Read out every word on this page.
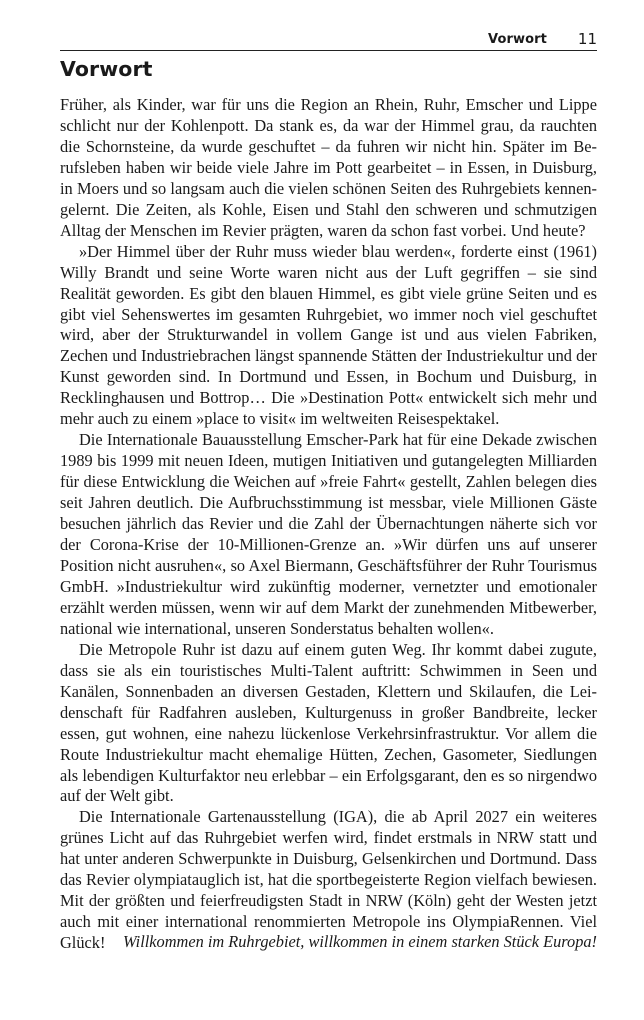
Vorwort 11
Vorwort

Früher, als Kinder, war für uns die Region an Rhein, Ruhr, Emscher und Lippe schlicht nur der Kohlenpott. Da stank es, da war der Himmel grau, da rauchten die Schornsteine, da wurde geschuftet – da fuhren wir nicht hin. Später im Berufsleben haben wir beide viele Jahre im Pott gearbeitet – in Essen, in Duisburg, in Moers und so langsam auch die vielen schönen Seiten des Ruhrgebiets kennengelernt. Die Zeiten, als Kohle, Eisen und Stahl den schweren und schmutzigen Alltag der Menschen im Revier prägten, waren da schon fast vorbei. Und heute?

»Der Himmel über der Ruhr muss wieder blau werden«, forderte einst (1961) Willy Brandt und seine Worte waren nicht aus der Luft gegriffen – sie sind Realität geworden. Es gibt den blauen Himmel, es gibt viele grüne Seiten und es gibt viel Sehenswertes im gesamten Ruhrgebiet, wo immer noch viel geschuftet wird, aber der Strukturwandel in vollem Gange ist und aus vielen Fabriken, Zechen und Industriebrachen längst spannende Stätten der Industriekultur und der Kunst geworden sind. In Dortmund und Essen, in Bochum und Duisburg, in Recklinghausen und Bottrop… Die »Destination Pott« entwickelt sich mehr und mehr auch zu einem »place to visit« im weltweiten Reisespektakel.

Die Internationale Bauausstellung Emscher-Park hat für eine Dekade zwischen 1989 bis 1999 mit neuen Ideen, mutigen Initiativen und gutangelegten Milliarden für diese Entwicklung die Weichen auf »freie Fahrt« gestellt, Zahlen belegen dies seit Jahren deutlich. Die Aufbruchsstimmung ist messbar, viele Millionen Gäste besuchen jährlich das Revier und die Zahl der Übernachtungen näherte sich vor der Corona-Krise der 10-Millionen-Grenze an. »Wir dürfen uns auf unserer Position nicht ausruhen«, so Axel Biermann, Geschäftsführer der Ruhr Tourismus GmbH. »Industriekultur wird zukünftig moderner, vernetzter und emotionaler erzählt werden müssen, wenn wir auf dem Markt der zunehmenden Mitbewerber, national wie international, unseren Sonderstatus behalten wollen«.

Die Metropole Ruhr ist dazu auf einem guten Weg. Ihr kommt dabei zugute, dass sie als ein touristisches Multi-Talent auftritt: Schwimmen in Seen und Kanälen, Sonnenbaden an diversen Gestaden, Klettern und Skilaufen, die Leidenschaft für Radfahren ausleben, Kulturgenuss in großer Bandbreite, lecker essen, gut wohnen, eine nahezu lückenlose Verkehrsinfrastruktur. Vor allem die Route Industriekultur macht ehemalige Hütten, Zechen, Gasometer, Siedlungen als lebendigen Kulturfaktor neu erlebbar – ein Erfolgsgarant, den es so nirgendwo auf der Welt gibt.

Die Internationale Gartenausstellung (IGA), die ab April 2027 ein weiteres grünes Licht auf das Ruhrgebiet werfen wird, findet erstmals in NRW statt und hat unter anderen Schwerpunkte in Duisburg, Gelsenkirchen und Dortmund. Dass das Revier olympiatauglich ist, hat die sportbegeisterte Region vielfach bewiesen. Mit der größten und feierfreudigsten Stadt in NRW (Köln) geht der Westen jetzt auch mit einer international renommierten Metropole ins OlympiaRennen. Viel Glück!	Willkommen im Ruhrgebiet, willkommen in einem starken Stück Europa!
